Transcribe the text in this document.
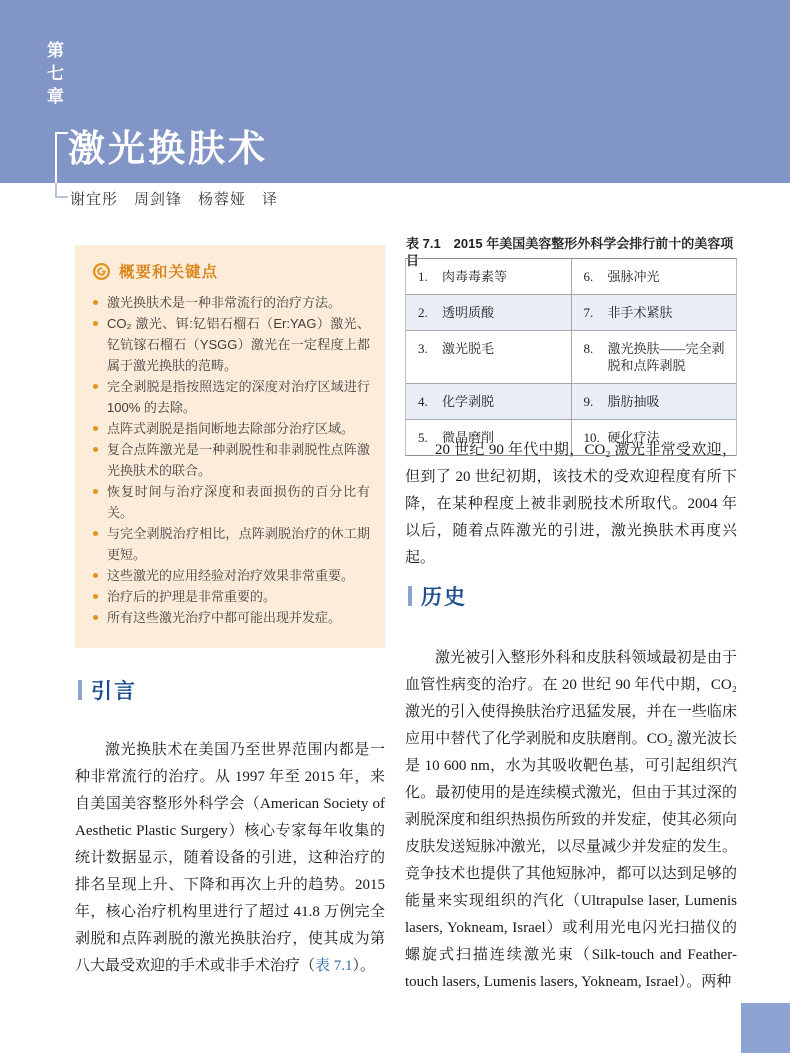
第七章
激光换肤术
谢宜彤　周剑锋　杨蓉娅　译
概要和关键点
激光换肤术是一种非常流行的治疗方法。
CO₂ 激光、铒:钇铝石榴石（Er:YAG）激光、钇钪镓石榴石（YSGG）激光在一定程度上都属于激光换肤的范畴。
完全剥脱是指按照选定的深度对治疗区域进行 100% 的去除。
点阵式剥脱是指间断地去除部分治疗区域。
复合点阵激光是一种剥脱性和非剥脱性点阵激光换肤术的联合。
恢复时间与治疗深度和表面损伤的百分比有关。
与完全剥脱治疗相比，点阵剥脱治疗的休工期更短。
这些激光的应用经验对治疗效果非常重要。
治疗后的护理是非常重要的。
所有这些激光治疗中都可能出现并发症。
引言

激光换肤术在美国乃至世界范围内都是一种非常流行的治疗。从 1997 年至 2015 年，来自美国美容整形外科学会（American Society of Aesthetic Plastic Surgery）核心专家每年收集的统计数据显示，随着设备的引进，这种治疗的排名呈现上升、下降和再次上升的趋势。2015 年，核心治疗机构里进行了超过 41.8 万例完全剥脱和点阵剥脱的激光换肤治疗，使其成为第八大最受欢迎的手术或非手术治疗（表 7.1）。

表 7.1　2015 年美国美容整形外科学会排行前十的美容项目
1.	肉毒毒素等	6.	强脉冲光
2.	透明质酸	7.	非手术紧肤
3.	激光脱毛	8.	激光换肤——完全剥脱和点阵剥脱
4.	化学剥脱	9.	脂肪抽吸
5.	微晶磨削	10. 硬化疗法

20 世纪 90 年代中期，CO₂ 激光非常受欢迎，但到了 20 世纪初期，该技术的受欢迎程度有所下降，在某种程度上被非剥脱技术所取代。2004 年以后，随着点阵激光的引进，激光换肤术再度兴起。

历史

激光被引入整形外科和皮肤科领域最初是由于血管性病变的治疗。在 20 世纪 90 年代中期，CO₂ 激光的引入使得换肤治疗迅猛发展，并在一些临床应用中替代了化学剥脱和皮肤磨削。CO₂ 激光波长是 10 600 nm，水为其吸收靶色基，可引起组织汽化。最初使用的是连续模式激光，但由于其过深的剥脱深度和组织热损伤所致的并发症，使其必须向皮肤发送短脉冲激光，以尽量减少并发症的发生。竞争技术也提供了其他短脉冲，都可以达到足够的能量来实现组织的汽化（Ultrapulse laser, Lumenis lasers, Yokneam, Israel）或利用光电闪光扫描仪的螺旋式扫描连续激光束（Silk-touch and Feather-touch lasers, Lumenis lasers, Yokneam, Israel）。两种
